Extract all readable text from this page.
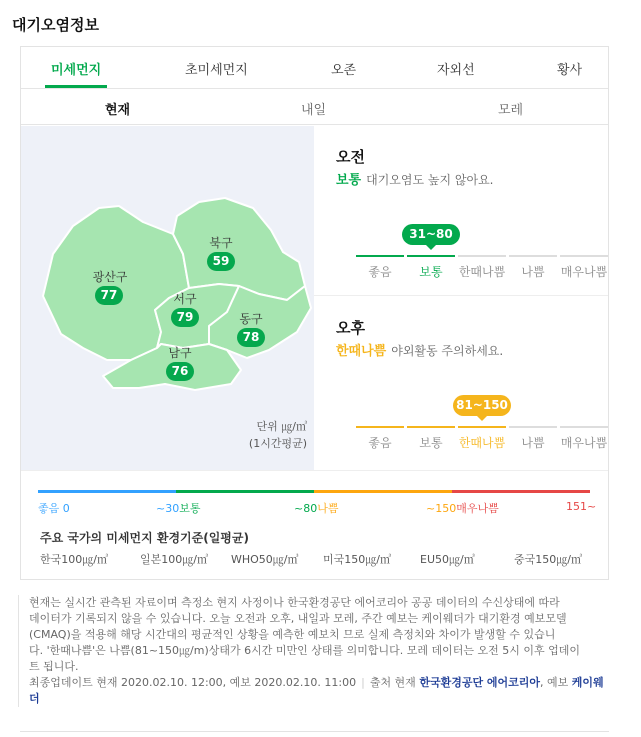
대기오염정보
미세먼지	초미세먼지	오존	자외선	황사
현재	내일	모레
북구
59
광산구
77	서구
79	동구
78
남구
76
단위 ㎍/㎥
(1시간평균)
오전
보통 대기오염도 높지 않아요.
31~80
좋음	보통	한때나쁨	나쁨	매우나쁨
오후
한때나쁨 야외활동 주의하세요.
81~150
좋음	보통	한때나쁨	나쁨	매우나쁨
좋음 0	~30보통	~80나쁨	~150매우나쁨	151~
주요 국가의 미세먼지 환경기준(일평균)
한국100㎍/㎥	일본100㎍/㎥ WHO50㎍/㎥ 미국150㎍/㎥	EU50㎍/㎥	중국150㎍/㎥

현재는 실시간 관측된 자료이며 측정소 현지 사정이나 한국환경공단 에어코리아 공공 데이터의 수신상태에 따라

데이터가 기록되지 않을 수 있습니다. 오늘 오전과 오후, 내일과 모레, 주간 예보는 케이웨더가 대기환경 예보모델

(CMAQ)을 적용해 해당 시간대의 평균적인 상황을 예측한 예보치 므로 실제 측정치와 차이가 발생할 수 있습니

다. '한때나쁨'은 나쁨(81~150㎍/m)상태가 6시간 미만인 상태를 의미합니다. 모레 데이터는 오전 5시 이후 업데이

트 됩니다.

최종업데이트 현재 2020.02.10. 12:00, 예보 2020.02.10. 11:00 | 출처 현재 한국환경공단 에어코리아, 예보 케이웨더
